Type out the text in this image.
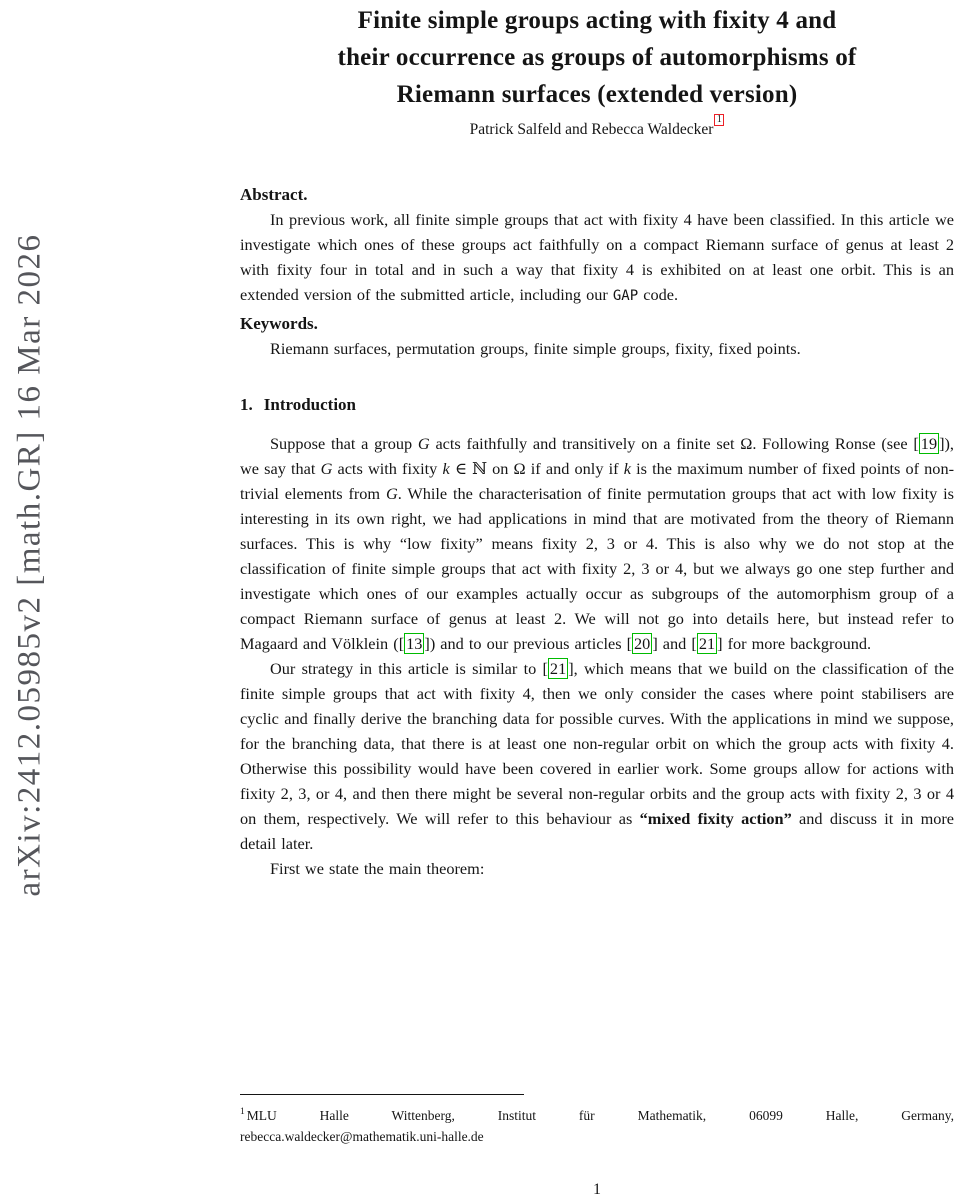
arXiv:2412.05985v2 [math.GR] 16 Mar 2026
Finite simple groups acting with fixity 4 and
their occurrence as groups of automorphisms of
Riemann surfaces (extended version)
Patrick Salfeld and Rebecca Waldecker$^1$
Abstract.

In previous work, all finite simple groups that act with fixity 4 have been classified. In this article we investigate which ones of these groups act faithfully on a compact Riemann surface of genus at least 2 with fixity four in total and in such a way that fixity 4 is exhibited on at least one orbit. This is an extended version of the submitted article, including our GAP code.

Keywords.

Riemann surfaces, permutation groups, finite simple groups, fixity, fixed points.

1. Introduction

Suppose that a group G acts faithfully and transitively on a finite set Ω. Following Ronse (see [ 19 ]), we say that G acts with fixity k ∈ ℕ on Ω if and only if k is the maximum number of fixed points of non-trivial elements from G. While the characterisation of finite permutation groups that act with low fixity is interesting in its own right, we had applications in mind that are motivated from the theory of Riemann surfaces. This is why “low fixity” means fixity 2, 3 or 4. This is also why we do not stop at the classification of finite simple groups that act with fixity 2, 3 or 4, but we always go one step further and investigate which ones of our examples actually occur as subgroups of the automorphism group of a compact Riemann surface of genus at least 2. We will not go into details here, but instead refer to Magaard and Völklein ([ 13 ]) and to our previous articles [ 20 ] and [ 21 ] for more background.

Our strategy in this article is similar to [ 21 ], which means that we build on the classification of the finite simple groups that act with fixity 4, then we only consider the cases where point stabilisers are cyclic and finally derive the branching data for possible curves. With the applications in mind we suppose, for the branching data, that there is at least one non-regular orbit on which the group acts with fixity 4. Otherwise this possibility would have been covered in earlier work. Some groups allow for actions with fixity 2, 3, or 4, and then there might be several non-regular orbits and the group acts with fixity 2, 3 or 4 on them, respectively. We will refer to this behaviour as “mixed fixity action” and discuss it in more detail later.

First we state the main theorem:

$^1$ MLU Halle Wittenberg, Institut für Mathematik, 06099 Halle, Germany,
rebecca.waldecker@mathematik.uni-halle.de
1
